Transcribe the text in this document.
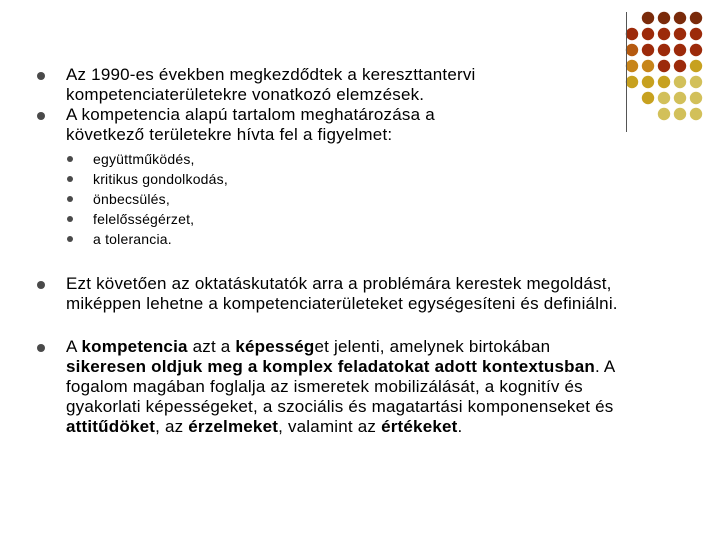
Az 1990-es években megkezdődtek a kereszttantervi
kompetenciaterületekre vonatkozó elemzések.
A kompetencia alapú tartalom meghatározása a
következő területekre hívta fel a figyelmet:
együttműködés,
kritikus gondolkodás,
önbecsülés,
felelősségérzet,
a tolerancia.
Ezt követően az oktatáskutatók arra a problémára kerestek megoldást,
miképpen lehetne a kompetenciaterületeket egységesíteni és definiálni.
A kompetencia azt a képességet jelenti, amelynek birtokában
sikeresen oldjuk meg a komplex feladatokat adott kontextusban. A
fogalom magában foglalja az ismeretek mobilizálását, a kognitív és
gyakorlati képességeket, a szociális és magatartási komponenseket és
attitűdöket, az érzelmeket, valamint az értékeket.
